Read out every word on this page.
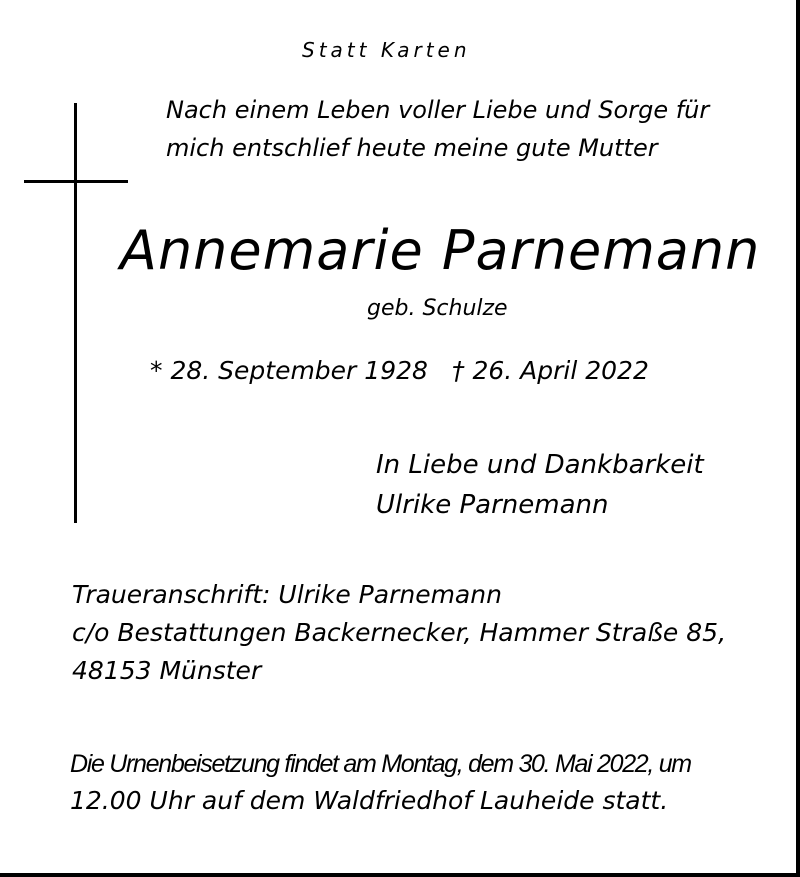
Statt Karten
Nach einem Leben voller Liebe und Sorge für
mich entschlief heute meine gute Mutter
Annemarie Parnemann
geb. Schulze
* 28. September 1928 † 26. April 2022
In Liebe und Dankbarkeit
Ulrike Parnemann
Traueranschrift: Ulrike Parnemann
c/o Bestattungen Backernecker, Hammer Straße 85,
48153 Münster
Die Urnenbeisetzung findet am Montag, dem 30. Mai 2022, um
12.00 Uhr auf dem Waldfriedhof Lauheide statt.
